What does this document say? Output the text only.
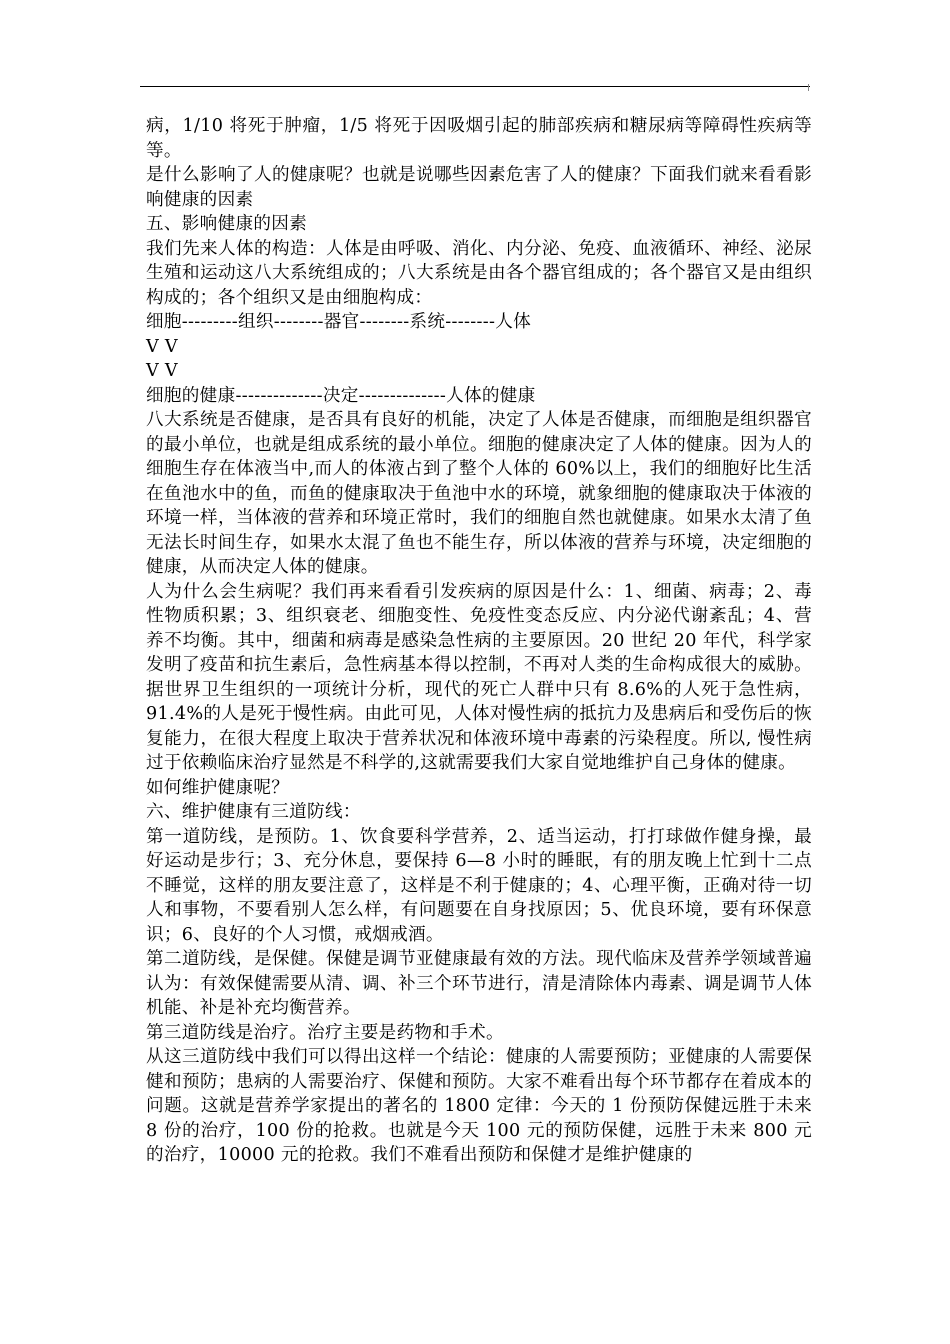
病，1/10 将死于肿瘤，1/5 将死于因吸烟引起的肺部疾病和糖尿病等障碍性疾病等等。

是什么影响了人的健康呢？也就是说哪些因素危害了人的健康？下面我们就来看看影响健康的因素

五、影响健康的因素

我们先来人体的构造：人体是由呼吸、消化、内分泌、免疫、血液循环、神经、泌尿生殖和运动这八大系统组成的；八大系统是由各个器官组成的；各个器官又是由组织构成的；各个组织又是由细胞构成：

细胞---------组织--------器官--------系统--------人体

V V

V V

细胞的健康--------------决定--------------人体的健康

八大系统是否健康，是否具有良好的机能，决定了人体是否健康，而细胞是组织器官的最小单位，也就是组成系统的最小单位。细胞的健康决定了人体的健康。因为人的细胞生存在体液当中,而人的体液占到了整个人体的 60%以上，我们的细胞好比生活在鱼池水中的鱼，而鱼的健康取决于鱼池中水的环境，就象细胞的健康取决于体液的环境一样，当体液的营养和环境正常时，我们的细胞自然也就健康。如果水太清了鱼无法长时间生存，如果水太混了鱼也不能生存，所以体液的营养与环境，决定细胞的健康，从而决定人体的健康。

人为什么会生病呢？我们再来看看引发疾病的原因是什么：1、细菌、病毒；2、毒性物质积累；3、组织衰老、细胞变性、免疫性变态反应、内分泌代谢紊乱；4、营养不均衡。其中，细菌和病毒是感染急性病的主要原因。20 世纪 20 年代，科学家发明了疫苗和抗生素后，急性病基本得以控制，不再对人类的生命构成很大的威胁。据世界卫生组织的一项统计分析，现代的死亡人群中只有 8.6%的人死于急性病，91.4%的人是死于慢性病。由此可见，人体对慢性病的抵抗力及患病后和受伤后的恢复能力，在很大程度上取决于营养状况和体液环境中毒素的污染程度。所以, 慢性病过于依赖临床治疗显然是不科学的,这就需要我们大家自觉地维护自己身体的健康。

如何维护健康呢？

六、维护健康有三道防线：

第一道防线，是预防。1、饮食要科学营养，2、适当运动，打打球做作健身操，最好运动是步行；3、充分休息，要保持 6—8 小时的睡眠，有的朋友晚上忙到十二点不睡觉，这样的朋友要注意了，这样是不利于健康的；4、心理平衡，正确对待一切人和事物，不要看别人怎么样，有问题要在自身找原因；5、优良环境，要有环保意识；6、良好的个人习惯，戒烟戒酒。

第二道防线，是保健。保健是调节亚健康最有效的方法。现代临床及营养学领域普遍认为：有效保健需要从清、调、补三个环节进行，清是清除体内毒素、调是调节人体机能、补是补充均衡营养。

第三道防线是治疗。治疗主要是药物和手术。

从这三道防线中我们可以得出这样一个结论：健康的人需要预防；亚健康的人需要保健和预防；患病的人需要治疗、保健和预防。大家不难看出每个环节都存在着成本的问题。这就是营养学家提出的著名的 1800 定律：今天的 1 份预防保健远胜于未来 8 份的治疗，100 份的抢救。也就是今天 100 元的预防保健，远胜于未来 800 元的治疗，10000 元的抢救。我们不难看出预防和保健才是维护健康的
